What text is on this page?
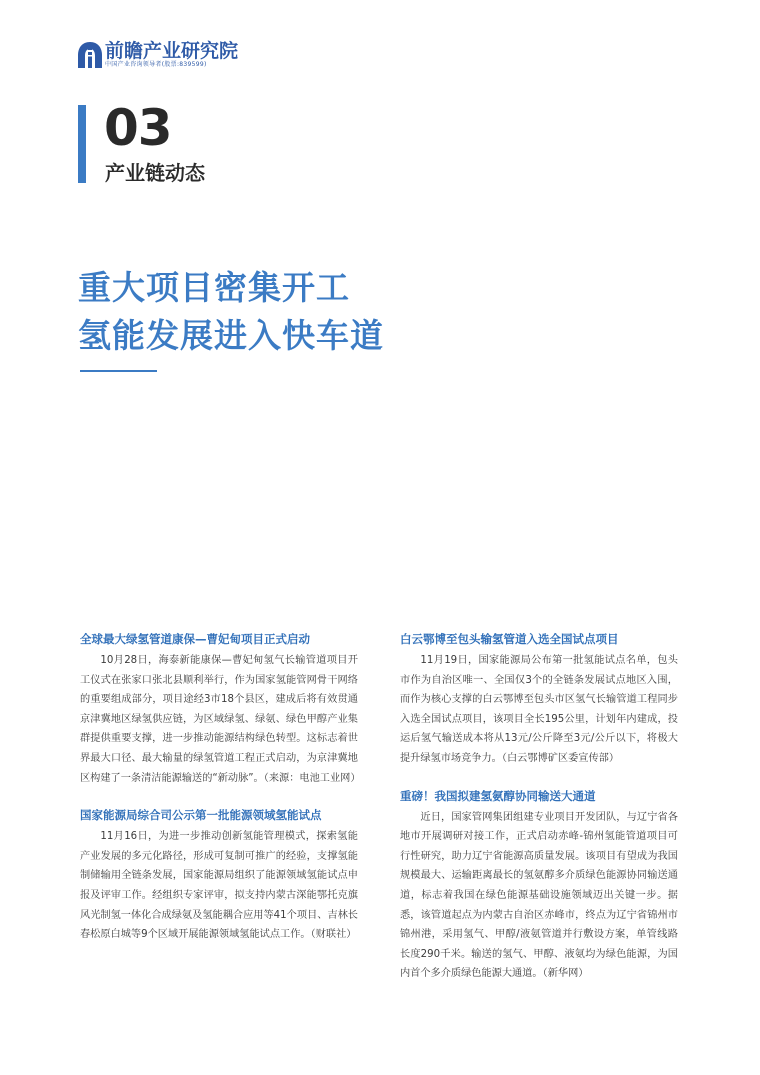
前瞻产业研究院
中国产业咨询领导者(股票:839599)
03
产业链动态
重大项目密集开工
氢能发展进入快车道
全球最大绿氢管道康保—曹妃甸项目正式启动

10月28日，海泰新能康保—曹妃甸氢气长输管道项目开工仪式在张家口张北县顺利举行，作为国家氢能管网骨干网络的重要组成部分，项目途经3市18个县区，建成后将有效贯通京津冀地区绿氢供应链，为区域绿氢、绿氨、绿色甲醇产业集群提供重要支撑，进一步推动能源结构绿色转型。这标志着世界最大口径、最大输量的绿氢管道工程正式启动，为京津冀地区构建了一条清洁能源输送的“新动脉”。（来源：电池工业网）

国家能源局综合司公示第一批能源领域氢能试点

11月16日，为进一步推动创新氢能管理模式，探索氢能产业发展的多元化路径，形成可复制可推广的经验，支撑氢能制储输用全链条发展，国家能源局组织了能源领域氢能试点申报及评审工作。经组织专家评审，拟支持内蒙古深能鄂托克旗风光制氢一体化合成绿氨及氢能耦合应用等41个项目、吉林长春松原白城等9个区域开展能源领域氢能试点工作。（财联社）

白云鄂博至包头输氢管道入选全国试点项目

11月19日，国家能源局公布第一批氢能试点名单，包头市作为自治区唯一、全国仅3个的全链条发展试点地区入围，而作为核心支撑的白云鄂博至包头市区氢气长输管道工程同步入选全国试点项目，该项目全长195公里，计划年内建成，投运后氢气输送成本将从13元/公斤降至3元/公斤以下，将极大提升绿氢市场竞争力。（白云鄂博矿区委宣传部）

重磅！我国拟建氢氨醇协同输送大通道

近日，国家管网集团组建专业项目开发团队，与辽宁省各地市开展调研对接工作，正式启动赤峰-锦州氢能管道项目可行性研究，助力辽宁省能源高质量发展。该项目有望成为我国规模最大、运输距离最长的氢氨醇多介质绿色能源协同输送通道，标志着我国在绿色能源基础设施领域迈出关键一步。据悉，该管道起点为内蒙古自治区赤峰市，终点为辽宁省锦州市锦州港，采用氢气、甲醇/液氨管道并行敷设方案，单管线路长度290千米。输送的氢气、甲醇、液氨均为绿色能源，为国内首个多介质绿色能源大通道。（新华网）
